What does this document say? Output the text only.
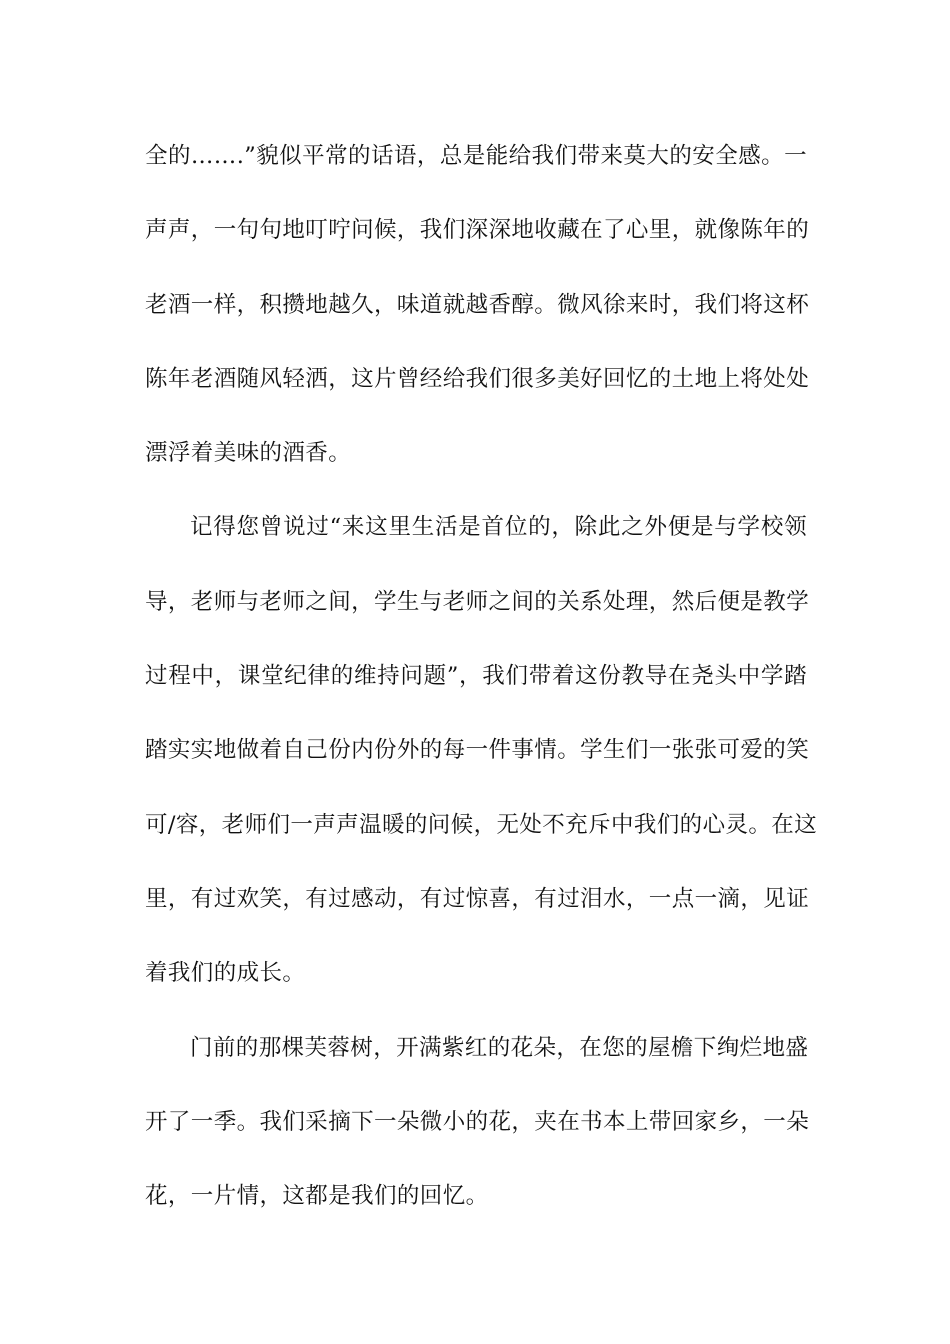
全的…….”貌似平常的话语，总是能给我们带来莫大的安全感。一
声声，一句句地叮咛问候，我们深深地收藏在了心里，就像陈年的
老酒一样，积攒地越久，味道就越香醇。微风徐来时，我们将这杯
陈年老酒随风轻洒，这片曾经给我们很多美好回忆的土地上将处处
漂浮着美味的酒香。
记得您曾说过“来这里生活是首位的，除此之外便是与学校领
导，老师与老师之间，学生与老师之间的关系处理，然后便是教学
过程中，课堂纪律的维持问题”，我们带着这份教导在尧头中学踏
踏实实地做着自己份内份外的每一件事情。学生们一张张可爱的笑
可/容，老师们一声声温暖的问候，无处不充斥中我们的心灵。在这
里，有过欢笑，有过感动，有过惊喜，有过泪水，一点一滴，见证
着我们的成长。
门前的那棵芙蓉树，开满紫红的花朵，在您的屋檐下绚烂地盛
开了一季。我们采摘下一朵微小的花，夹在书本上带回家乡，一朵
花，一片情，这都是我们的回忆。
